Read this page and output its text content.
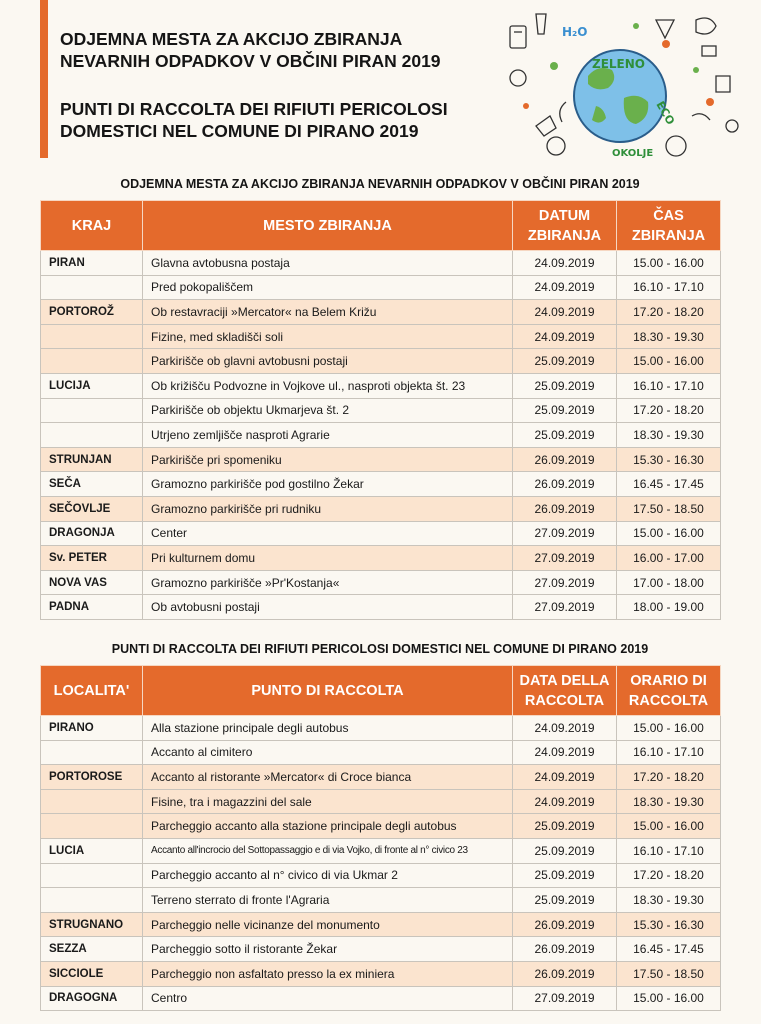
ODJEMNA MESTA ZA AKCIJO ZBIRANJA
NEVARNIH ODPADKOV V OBČINI PIRAN 2019
PUNTI DI RACCOLTA DEI RIFIUTI PERICOLOSI
DOMESTICI NEL COMUNE DI PIRANO 2019
ZELENO
ECO
OKOLJE
H₂O
ODJEMNA MESTA ZA AKCIJO ZBIRANJA NEVARNIH ODPADKOV V OBČINI PIRAN 2019
KRAJ	MESTO ZBIRANJA	DATUM ZBIRANJA	ČAS ZBIRANJA
PIRAN	Glavna avtobusna postaja	24.09.2019	15.00 - 16.00
	Pred pokopališčem	24.09.2019	16.10 - 17.10
PORTOROŽ	Ob restavraciji »Mercator« na Belem Križu	24.09.2019	17.20 - 18.20
	Fizine, med skladišči soli	24.09.2019	18.30 - 19.30
	Parkirišče ob glavni avtobusni postaji	25.09.2019	15.00 - 16.00
LUCIJA	Ob križišču Podvozne in Vojkove ul., nasproti objekta št. 23	25.09.2019	16.10 - 17.10
	Parkirišče ob objektu Ukmarjeva št. 2	25.09.2019	17.20 - 18.20
	Utrjeno zemljišče nasproti Agrarie	25.09.2019	18.30 - 19.30
STRUNJAN	Parkirišče pri spomeniku	26.09.2019	15.30 - 16.30
SEČA	Gramozno parkirišče pod gostilno Žekar	26.09.2019	16.45 - 17.45
SEČOVLJE	Gramozno parkirišče pri rudniku	26.09.2019	17.50 - 18.50
DRAGONJA	Center	27.09.2019	15.00 - 16.00
Sv. PETER	Pri kulturnem domu	27.09.2019	16.00 - 17.00
NOVA VAS	Gramozno parkirišče »Pr'Kostanja«	27.09.2019	17.00 - 18.00
PADNA	Ob avtobusni postaji	27.09.2019	18.00 - 19.00
PUNTI DI RACCOLTA DEI RIFIUTI PERICOLOSI DOMESTICI NEL COMUNE DI PIRANO 2019
LOCALITA'	PUNTO DI RACCOLTA	DATA DELLA RACCOLTA	ORARIO DI RACCOLTA
PIRANO	Alla stazione principale degli autobus	24.09.2019	15.00 - 16.00
	Accanto al cimitero	24.09.2019	16.10 - 17.10
PORTOROSE	Accanto al ristorante »Mercator« di Croce bianca	24.09.2019	17.20 - 18.20
	Fisine, tra i magazzini del sale	24.09.2019	18.30 - 19.30
	Parcheggio accanto alla stazione principale degli autobus	25.09.2019	15.00 - 16.00
LUCIA	Accanto all'incrocio del Sottopassaggio e di via Vojko, di fronte al n° civico 23	25.09.2019	16.10 - 17.10
	Parcheggio accanto al n° civico di via Ukmar 2	25.09.2019	17.20 - 18.20
	Terreno sterrato di fronte l'Agraria	25.09.2019	18.30 - 19.30
STRUGNANO	Parcheggio nelle vicinanze del monumento	26.09.2019	15.30 - 16.30
SEZZA	Parcheggio sotto il ristorante Žekar	26.09.2019	16.45 - 17.45
SICCIOLE	Parcheggio non asfaltato presso la ex miniera	26.09.2019	17.50 - 18.50
DRAGOGNA	Centro	27.09.2019	15.00 - 16.00
